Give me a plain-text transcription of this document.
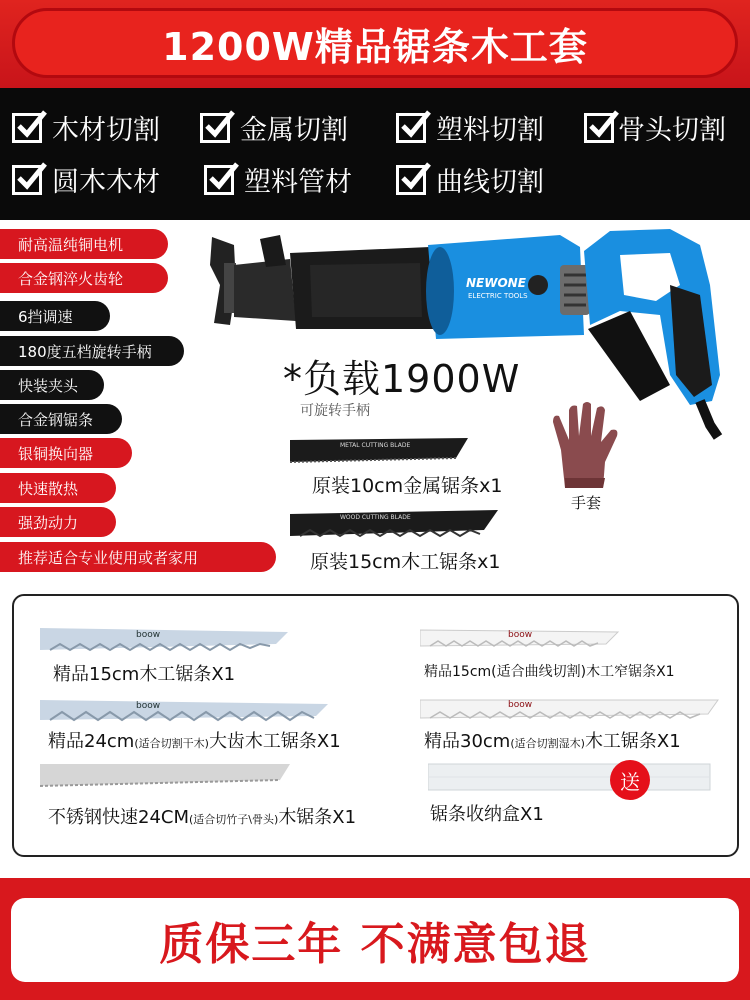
1200W精品锯条木工套
木材切割	金属切割	塑料切割	骨头切割
圆木木材	塑料管材	曲线切割
耐高温纯铜电机
合金钢淬火齿轮
6挡调速
180度五档旋转手柄
快装夹头
合金钢锯条
银铜换向器
快速散热
强劲动力
推荐适合专业使用或者家用
NEWONE
ELECTRIC TOOLS
*负载1900W
可旋转手柄
METAL CUTTING BLADE
原装10cm金属锯条x1
WOOD CUTTING BLADE
原装15cm木工锯条x1
手套
boow
精品15cm木工锯条X1
boow
精品24cm(适合切割干木)大齿木工锯条X1
不锈钢快速24CM(适合切竹子\骨头)木锯条X1
boow
精品15cm(适合曲线切割)木工窄锯条X1
boow
精品30cm(适合切割湿木)木工锯条X1
送
锯条收纳盒X1
质保三年 不满意包退
